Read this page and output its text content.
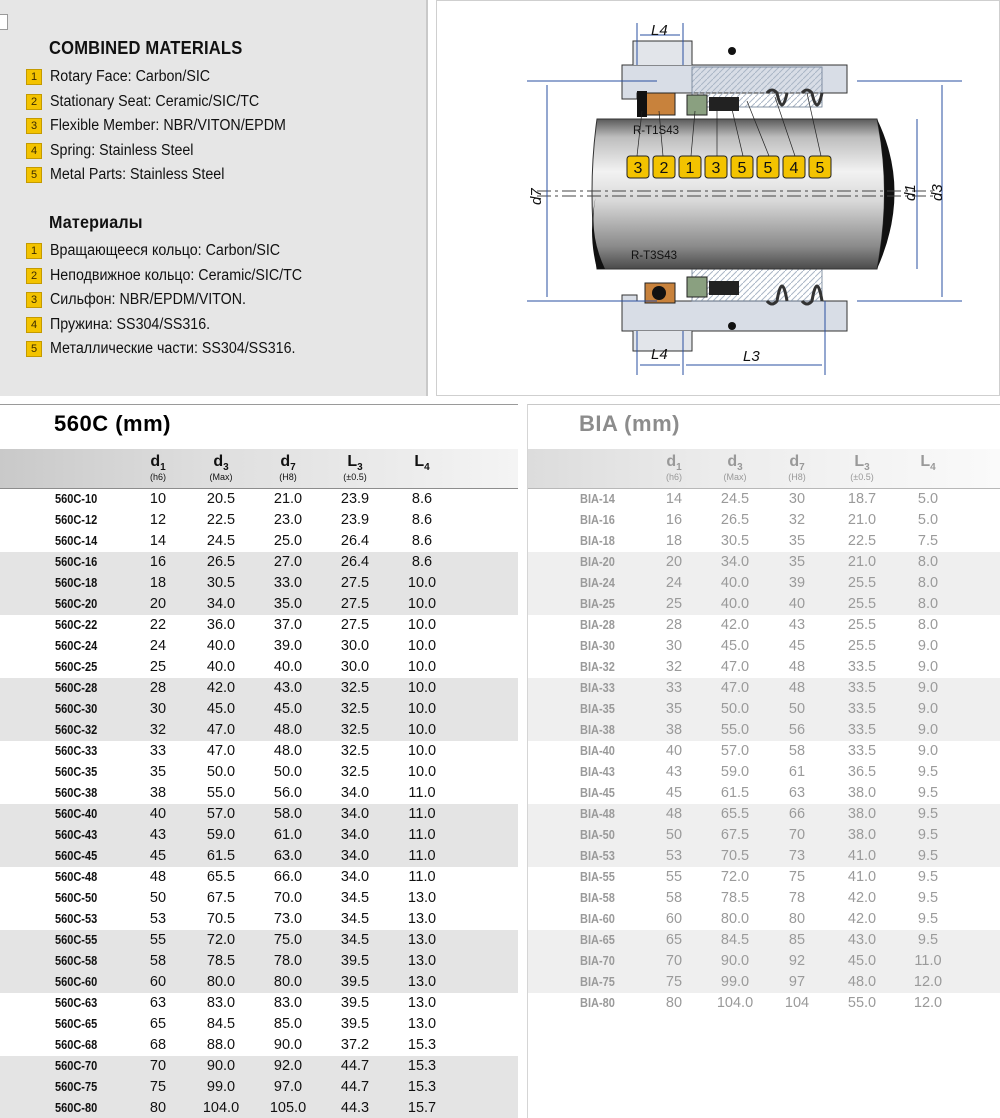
COMBINED MATERIALS
1 Rotary Face: Carbon/SIC
2 Stationary Seat: Ceramic/SIC/TC
3 Flexible Member: NBR/VITON/EPDM
4 Spring: Stainless Steel
5 Metal Parts: Stainless Steel
Материалы
1 Вращающееся кольцо: Carbon/SIC
2 Неподвижное кольцо: Ceramic/SIC/TC
3 Сильфон: NBR/EPDM/VITON.
4 Пружина: SS304/SS316.
5 Металлические части: SS304/SS316.
L4
L4	L3
d7	d1 d3
R-T1S43
R-T3S43
3 2 1 3 5 5 4 5
560C (mm)
$d_1$
(h6)
$d_3$
(Max)
$d_7$
(H8)
$L_3$
(±0.5)
$L_4$
560C-10	10	20.5	21.0	23.9	8.6
560C-12	12	22.5	23.0	23.9	8.6
560C-14	14	24.5	25.0	26.4	8.6
560C-16	16	26.5	27.0	26.4	8.6
560C-18	18	30.5	33.0	27.5	10.0
560C-20	20	34.0	35.0	27.5	10.0
560C-22	22	36.0	37.0	27.5	10.0
560C-24	24	40.0	39.0	30.0	10.0
560C-25	25	40.0	40.0	30.0	10.0
560C-28	28	42.0	43.0	32.5	10.0
560C-30	30	45.0	45.0	32.5	10.0
560C-32	32	47.0	48.0	32.5	10.0
560C-33	33	47.0	48.0	32.5	10.0
560C-35	35	50.0	50.0	32.5	10.0
560C-38	38	55.0	56.0	34.0	11.0
560C-40	40	57.0	58.0	34.0	11.0
560C-43	43	59.0	61.0	34.0	11.0
560C-45	45	61.5	63.0	34.0	11.0
560C-48	48	65.5	66.0	34.0	11.0
560C-50	50	67.5	70.0	34.5	13.0
560C-53	53	70.5	73.0	34.5	13.0
560C-55	55	72.0	75.0	34.5	13.0
560C-58	58	78.5	78.0	39.5	13.0
560C-60	60	80.0	80.0	39.5	13.0
560C-63	63	83.0	83.0	39.5	13.0
560C-65	65	84.5	85.0	39.5	13.0
560C-68	68	88.0	90.0	37.2	15.3
560C-70	70	90.0	92.0	44.7	15.3
560C-75	75	99.0	97.0	44.7	15.3
560C-80	80	104.0	105.0	44.3	15.7
BIA (mm)
$d_1$
(h6)
$d_3$
(Max)
$d_7$
(H8)
$L_3$
(±0.5)
$L_4$
BIA-14	14	24.5	30	18.7	5.0
BIA-16	16	26.5	32	21.0	5.0
BIA-18	18	30.5	35	22.5	7.5
BIA-20	20	34.0	35	21.0	8.0
BIA-24	24	40.0	39	25.5	8.0
BIA-25	25	40.0	40	25.5	8.0
BIA-28	28	42.0	43	25.5	8.0
BIA-30	30	45.0	45	25.5	9.0
BIA-32	32	47.0	48	33.5	9.0
BIA-33	33	47.0	48	33.5	9.0
BIA-35	35	50.0	50	33.5	9.0
BIA-38	38	55.0	56	33.5	9.0
BIA-40	40	57.0	58	33.5	9.0
BIA-43	43	59.0	61	36.5	9.5
BIA-45	45	61.5	63	38.0	9.5
BIA-48	48	65.5	66	38.0	9.5
BIA-50	50	67.5	70	38.0	9.5
BIA-53	53	70.5	73	41.0	9.5
BIA-55	55	72.0	75	41.0	9.5
BIA-58	58	78.5	78	42.0	9.5
BIA-60	60	80.0	80	42.0	9.5
BIA-65	65	84.5	85	43.0	9.5
BIA-70	70	90.0	92	45.0	11.0
BIA-75	75	99.0	97	48.0	12.0
BIA-80	80	104.0	104	55.0	12.0
